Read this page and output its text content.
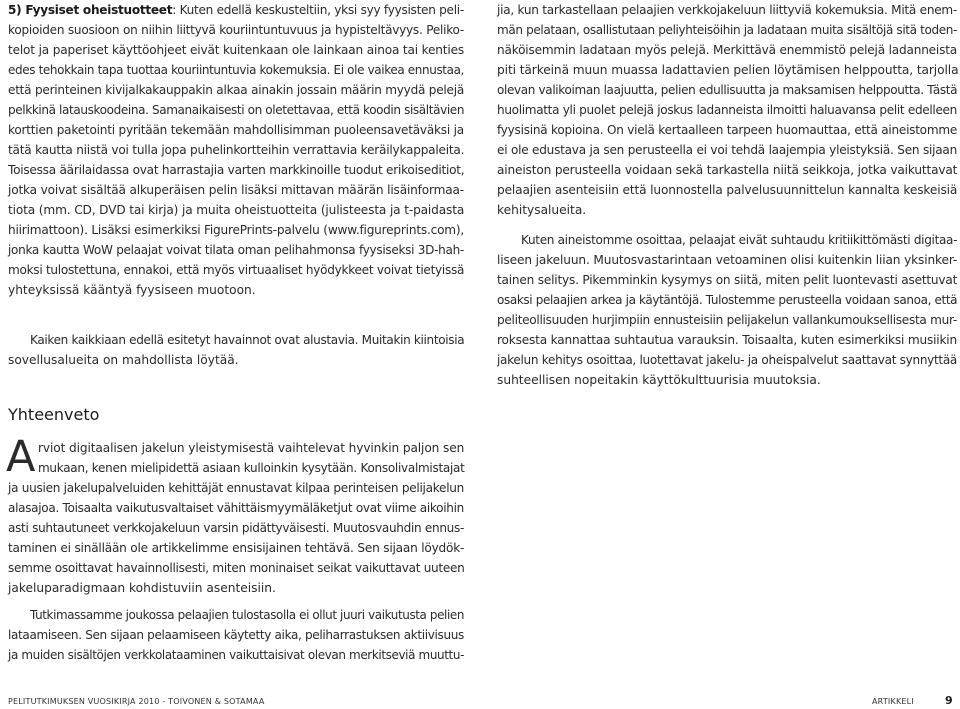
5) Fyysiset oheistuotteet: Kuten edellä keskusteltiin, yksi syy fyysisten peli-
kopioiden suosioon on niihin liittyvä kouriintuntuvuus ja hypisteltävyys. Peliko-
telot ja paperiset käyttöohjeet eivät kuitenkaan ole lainkaan ainoa tai kenties
edes tehokkain tapa tuottaa kouriintuntuvia kokemuksia. Ei ole vaikea ennustaa,
että perinteinen kivijalkakauppakin alkaa ainakin jossain määrin myydä pelejä
pelkkinä latauskoodeina. Samanaikaisesti on oletettavaa, että koodin sisältävien
korttien paketointi pyritään tekemään mahdollisimman puoleensavetäväksi ja
tätä kautta niistä voi tulla jopa puhelinkortteihin verrattavia keräilykappaleita.
Toisessa äärilaidassa ovat harrastajia varten markkinoille tuodut erikoiseditiot,
jotka voivat sisältää alkuperäisen pelin lisäksi mittavan määrän lisäinformaa-
tiota (mm. CD, DVD tai kirja) ja muita oheistuotteita (julisteesta ja t-paidasta
hiirimattoon). Lisäksi esimerkiksi FigurePrints-palvelu (www.figureprints.com),
jonka kautta WoW pelaajat voivat tilata oman pelihahmonsa fyysiseksi 3D-hah-
moksi tulostettuna, ennakoi, että myös virtuaaliset hyödykkeet voivat tietyissä
yhteyksissä kääntyä fyysiseen muotoon.
Kaiken kaikkiaan edellä esitetyt havainnot ovat alustavia. Muitakin kiintoisia
sovellusalueita on mahdollista löytää.
rviot digitaalisen jakelun yleistymisestä vaihtelevat hyvinkin paljon sen
mukaan, kenen mielipidettä asiaan kulloinkin kysytään. Konsolivalmistajat
ja uusien jakelupalveluiden kehittäjät ennustavat kilpaa perinteisen pelijakelun
alasajoa. Toisaalta vaikutusvaltaiset vähittäismyymäläketjut ovat viime aikoihin
asti suhtautuneet verkkojakeluun varsin pidättyväisesti. Muutosvauhdin ennus-
taminen ei sinällään ole artikkelimme ensisijainen tehtävä. Sen sijaan löydök-
semme osoittavat havainnollisesti, miten moninaiset seikat vaikuttavat uuteen
jakeluparadigmaan kohdistuviin asenteisiin.
Tutkimassamme joukossa pelaajien tulostasolla ei ollut juuri vaikutusta pelien
lataamiseen. Sen sijaan pelaamiseen käytetty aika, peliharrastuksen aktiivisuus
ja muiden sisältöjen verkkolataaminen vaikuttaisivat olevan merkitseviä muuttu-
Yhteenveto
A
jia, kun tarkastellaan pelaajien verkkojakeluun liittyviä kokemuksia. Mitä enem-
män pelataan, osallistutaan peliyhteisöihin ja ladataan muita sisältöjä sitä toden-
näköisemmin ladataan myös pelejä. Merkittävä enemmistö pelejä ladanneista
piti tärkeinä muun muassa ladattavien pelien löytämisen helppoutta, tarjolla
olevan valikoiman laajuutta, pelien edullisuutta ja maksamisen helppoutta. Tästä
huolimatta yli puolet pelejä joskus ladanneista ilmoitti haluavansa pelit edelleen
fyysisinä kopioina. On vielä kertaalleen tarpeen huomauttaa, että aineistomme
ei ole edustava ja sen perusteella ei voi tehdä laajempia yleistyksiä. Sen sijaan
aineiston perusteella voidaan sekä tarkastella niitä seikkoja, jotka vaikuttavat
pelaajien asenteisiin että luonnostella palvelusuunnittelun kannalta keskeisiä
kehitysalueita.
Kuten aineistomme osoittaa, pelaajat eivät suhtaudu kritiikittömästi digitaa-
liseen jakeluun. Muutosvastarintaan vetoaminen olisi kuitenkin liian yksinker-
tainen selitys. Pikemminkin kysymys on siitä, miten pelit luontevasti asettuvat
osaksi pelaajien arkea ja käytäntöjä. Tulostemme perusteella voidaan sanoa, että
peliteollisuuden hurjimpiin ennusteisiin pelijakelun vallankumouksellisesta mur-
roksesta kannattaa suhtautua varauksin. Toisaalta, kuten esimerkiksi musiikin
jakelun kehitys osoittaa, luotettavat jakelu- ja oheispalvelut saattavat synnyttää
suhteellisen nopeitakin käyttökulttuurisia muutoksia.
PELITUTKIMUKSEN VUOSIKIRJA 2010 - TOIVONEN & SOTAMAA	ARTIKKELI	9
